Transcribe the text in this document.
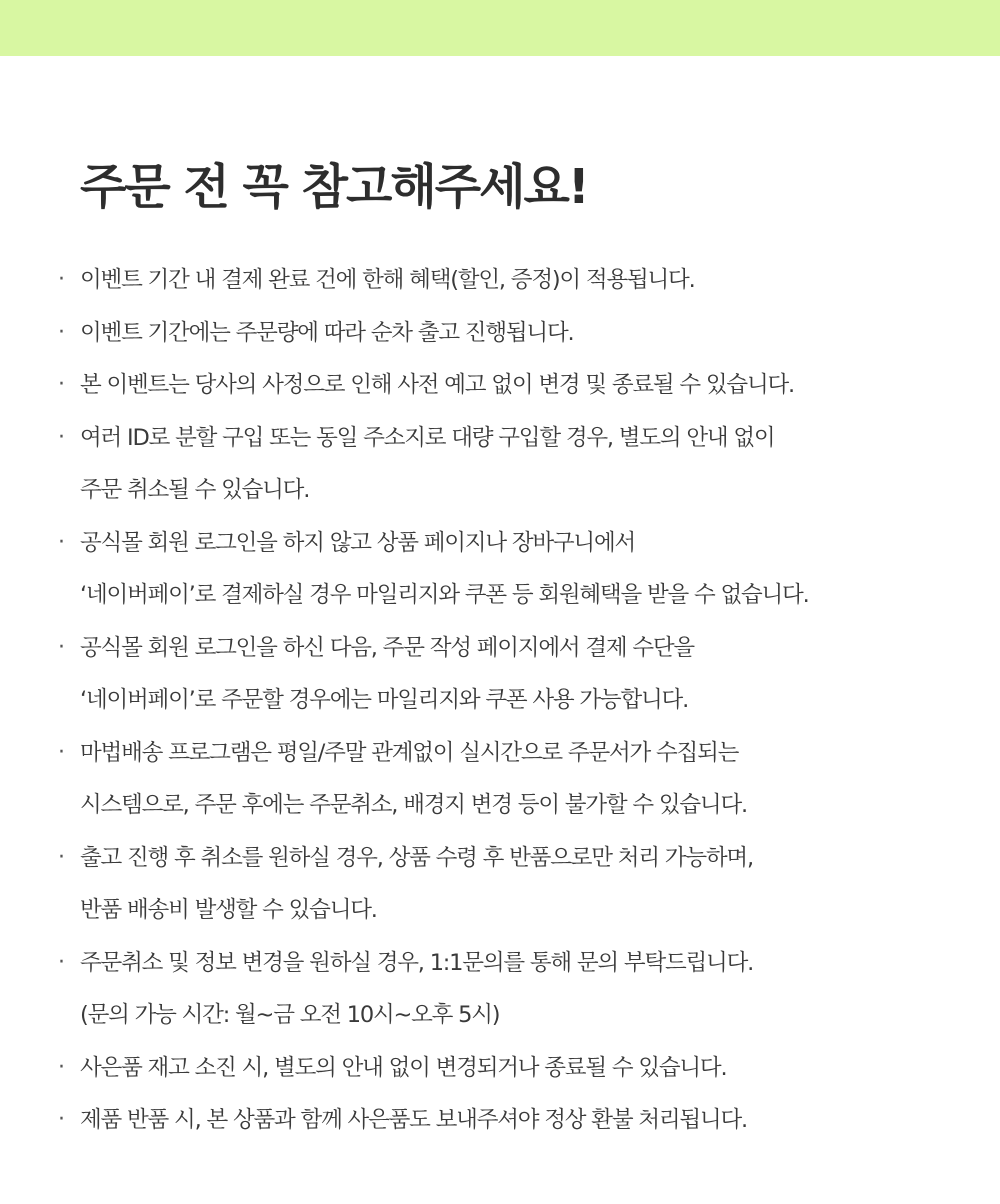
주문 전 꼭 참고해주세요!
· 이벤트 기간 내 결제 완료 건에 한해 혜택(할인, 증정)이 적용됩니다.
· 이벤트 기간에는 주문량에 따라 순차 출고 진행됩니다.
· 본 이벤트는 당사의 사정으로 인해 사전 예고 없이 변경 및 종료될 수 있습니다.
· 여러 ID로 분할 구입 또는 동일 주소지로 대량 구입할 경우, 별도의 안내 없이
주문 취소될 수 있습니다.
· 공식몰 회원 로그인을 하지 않고 상품 페이지나 장바구니에서
‘네이버페이’로 결제하실 경우 마일리지와 쿠폰 등 회원혜택을 받을 수 없습니다.
· 공식몰 회원 로그인을 하신 다음, 주문 작성 페이지에서 결제 수단을
‘네이버페이’로 주문할 경우에는 마일리지와 쿠폰 사용 가능합니다.
· 마법배송 프로그램은 평일/주말 관계없이 실시간으로 주문서가 수집되는
시스템으로, 주문 후에는 주문취소, 배경지 변경 등이 불가할 수 있습니다.
· 출고 진행 후 취소를 원하실 경우, 상품 수령 후 반품으로만 처리 가능하며,
반품 배송비 발생할 수 있습니다.
· 주문취소 및 정보 변경을 원하실 경우, 1:1문의를 통해 문의 부탁드립니다.
(문의 가능 시간: 월~금 오전 10시~오후 5시)
· 사은품 재고 소진 시, 별도의 안내 없이 변경되거나 종료될 수 있습니다.
· 제품 반품 시, 본 상품과 함께 사은품도 보내주셔야 정상 환불 처리됩니다.
